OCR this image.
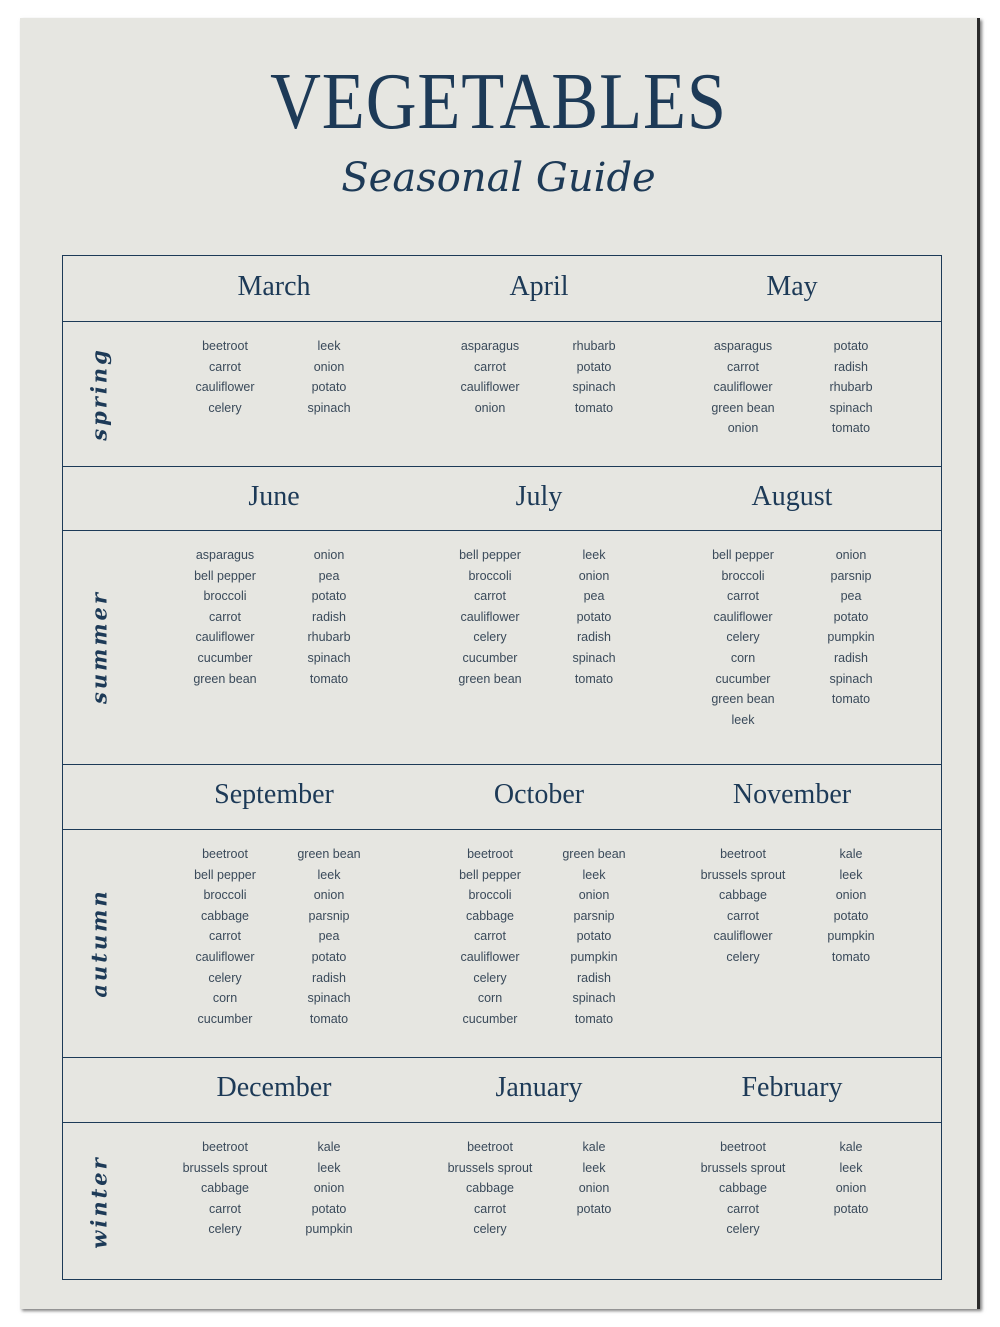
VEGETABLES
Seasonal Guide
spring
March
beetroot
carrot
cauliflower
celery
leek
onion
potato
spinach
April
asparagus
carrot
cauliflower
onion
rhubarb
potato
spinach
tomato
May
asparagus
carrot
cauliflower
green bean
onion
potato
radish
rhubarb
spinach
tomato
summer
June
asparagus
bell pepper
broccoli
carrot
cauliflower
cucumber
green bean
onion
pea
potato
radish
rhubarb
spinach
tomato
July
bell pepper
broccoli
carrot
cauliflower
celery
cucumber
green bean
leek
onion
pea
potato
radish
spinach
tomato
August
bell pepper
broccoli
carrot
cauliflower
celery
corn
cucumber
green bean
leek
onion
parsnip
pea
potato
pumpkin
radish
spinach
tomato
autumn
September
beetroot
bell pepper
broccoli
cabbage
carrot
cauliflower
celery
corn
cucumber
green bean
leek
onion
parsnip
pea
potato
radish
spinach
tomato
October
beetroot
bell pepper
broccoli
cabbage
carrot
cauliflower
celery
corn
cucumber
green bean
leek
onion
parsnip
potato
pumpkin
radish
spinach
tomato
November
beetroot
brussels sprout
cabbage
carrot
cauliflower
celery
kale
leek
onion
potato
pumpkin
tomato
winter
December
beetroot
brussels sprout
cabbage
carrot
celery
kale
leek
onion
potato
pumpkin
January
beetroot
brussels sprout
cabbage
carrot
celery
kale
leek
onion
potato
February
beetroot
brussels sprout
cabbage
carrot
celery
kale
leek
onion
potato
